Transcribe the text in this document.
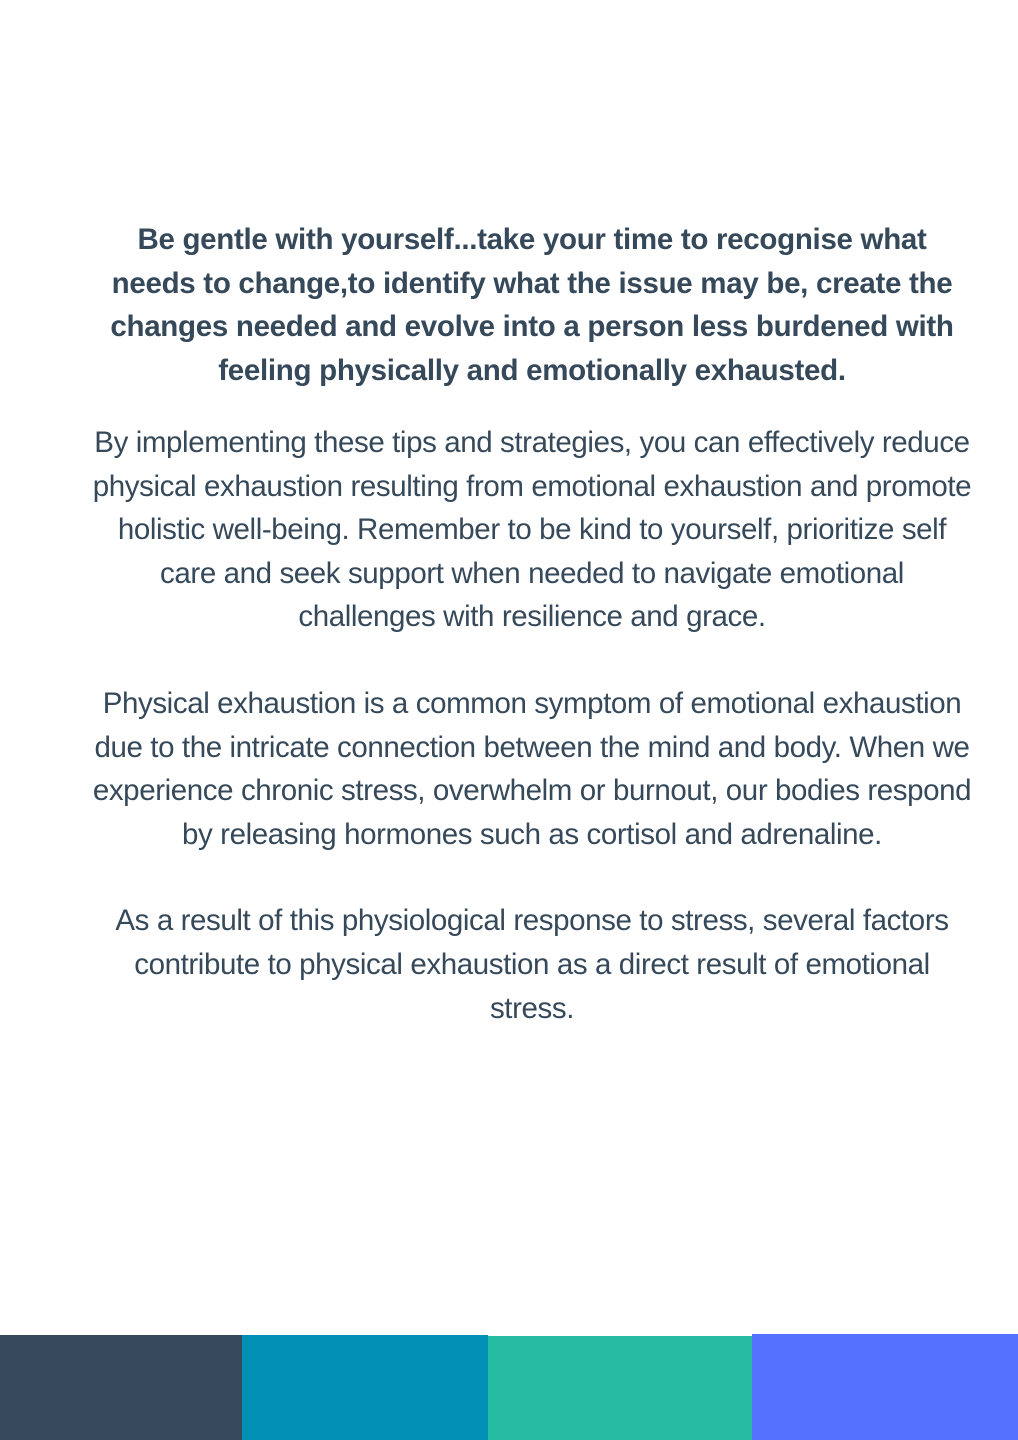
Be gentle with yourself...take your time to recognise what needs to change,to identify what the issue may be, create the changes needed and evolve into a person less burdened with feeling physically and emotionally exhausted.

By implementing these tips and strategies, you can effectively reduce physical exhaustion resulting from emotional exhaustion and promote holistic well-being. Remember to be kind to yourself, prioritize self care and seek support when needed to navigate emotional challenges with resilience and grace.

Physical exhaustion is a common symptom of emotional exhaustion due to the intricate connection between the mind and body. When we experience chronic stress, overwhelm or burnout, our bodies respond by releasing hormones such as cortisol and adrenaline.

As a result of this physiological response to stress, several factors contribute to physical exhaustion as a direct result of emotional stress.
